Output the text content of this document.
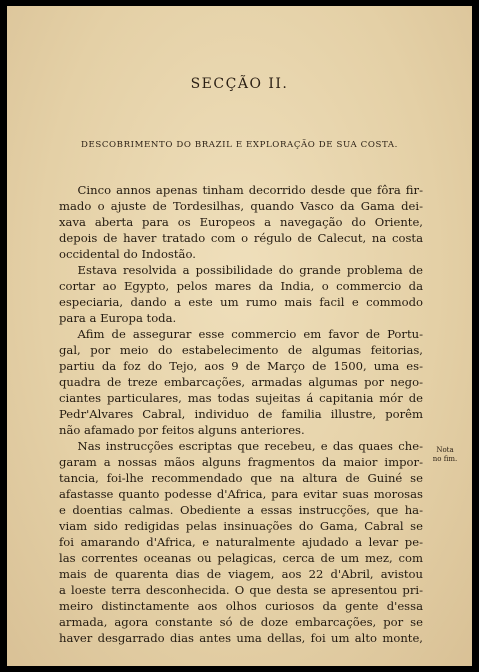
SECÇÃO II.
DESCOBRIMENTO DO BRAZIL E EXPLORAÇÃO DE SUA COSTA.

Cinco annos apenas tinham decorrido desde que fôra fir-
mado o ajuste de Tordesilhas, quando Vasco da Gama dei-
xava aberta para os Europeos a navegação do Oriente,
depois de haver tratado com o régulo de Calecut, na costa
occidental do Indostão.

Estava resolvida a possibilidade do grande problema de
cortar ao Egypto, pelos mares da India, o commercio da
especiaria, dando a este um rumo mais facil e commodo
para a Europa toda.

Afim de assegurar esse commercio em favor de Portu-
gal, por meio do estabelecimento de algumas feitorias,
partiu da foz do Tejo, aos 9 de Março de 1500, uma es-
quadra de treze embarcações, armadas algumas por nego-
ciantes particulares, mas todas sujeitas á capitania mór de
Pedr'Alvares Cabral, individuo de familia illustre, porêm
não afamado por feitos alguns anteriores.

Nas instrucções escriptas que recebeu, e das quaes che-
garam a nossas mãos alguns fragmentos da maior impor-
tancia, foi-lhe recommendado que na altura de Guiné se
afastasse quanto podesse d'Africa, para evitar suas morosas
e doentias calmas. Obediente a essas instrucções, que ha-
viam sido redigidas pelas insinuações do Gama, Cabral se
foi amarando d'Africa, e naturalmente ajudado a levar pe-
las correntes oceanas ou pelagicas, cerca de um mez, com
mais de quarenta dias de viagem, aos 22 d'Abril, avistou
a loeste terra desconhecida. O que desta se apresentou pri-
meiro distinctamente aos olhos curiosos da gente d'essa
armada, agora constante só de doze embarcações, por se
haver desgarrado dias antes uma dellas, foi um alto monte,

Nota
no fim.
